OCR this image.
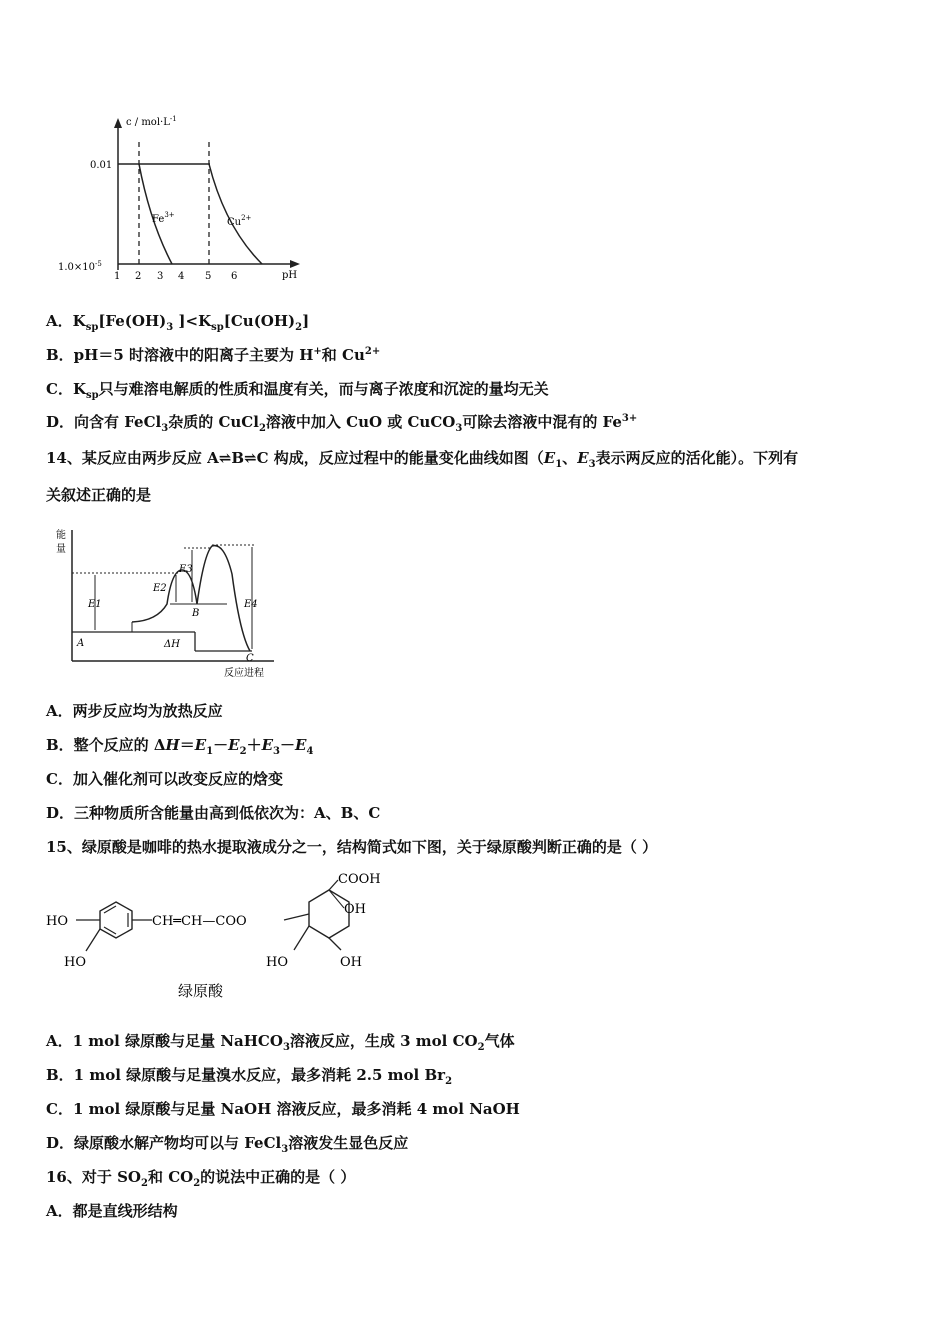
$c / mol\cdot L^{-1}$
0.01
$1.0\times 10^{-5}$
$Fe^{3+}$
$Cu^{2+}$
1 2 3 4 5 6	pH
A．$K_{sp}[Fe(OH)_3$ ]$<K_{sp}[Cu(OH)_2]$
B．pH＝5 时溶液中的阳离子主要为 H+和 $Cu^{2+}$
C．$K_{sp}$只与难溶电解质的性质和温度有关，而与离子浓度和沉淀的量均无关
D．向含有 FeCl$_3$杂质的 CuCl$_2$溶液中加入 CuO 或 CuCO$_3$可除去溶液中混有的 $Fe^{3+}$
14、某反应由两步反应 A⇌B⇌C 构成，反应过程中的能量变化曲线如图（$E_1$、$E_3$表示两反应的活化能）。下列有
关叙述正确的是
能
量
反应进程
A	ΔH
C
E1
E2
E3
B
E4
A．两步反应均为放热反应
B．整个反应的 $\Delta H=E_1-E_2+E_3-E_4$
C．加入催化剂可以改变反应的焓变
D．三种物质所含能量由高到低依次为：A、B、C
15、绿原酸是咖啡的热水提取液成分之一，结构简式如下图，关于绿原酸判断正确的是（ ）
HO
HO
CH═CH—COO
COOH
OH
HO	OH
绿原酸
A．1 mol 绿原酸与足量 NaHCO$_3$溶液反应，生成 3 mol $CO_2$气体
B．1 mol 绿原酸与足量溴水反应，最多消耗 2.5 mol $Br_2$
C．1 mol 绿原酸与足量 NaOH 溶液反应，最多消耗 4 mol NaOH
D．绿原酸水解产物均可以与 FeCl$_3$溶液发生显色反应
16、对于 $SO_2$和 $CO_2$的说法中正确的是（ ）
A．都是直线形结构
